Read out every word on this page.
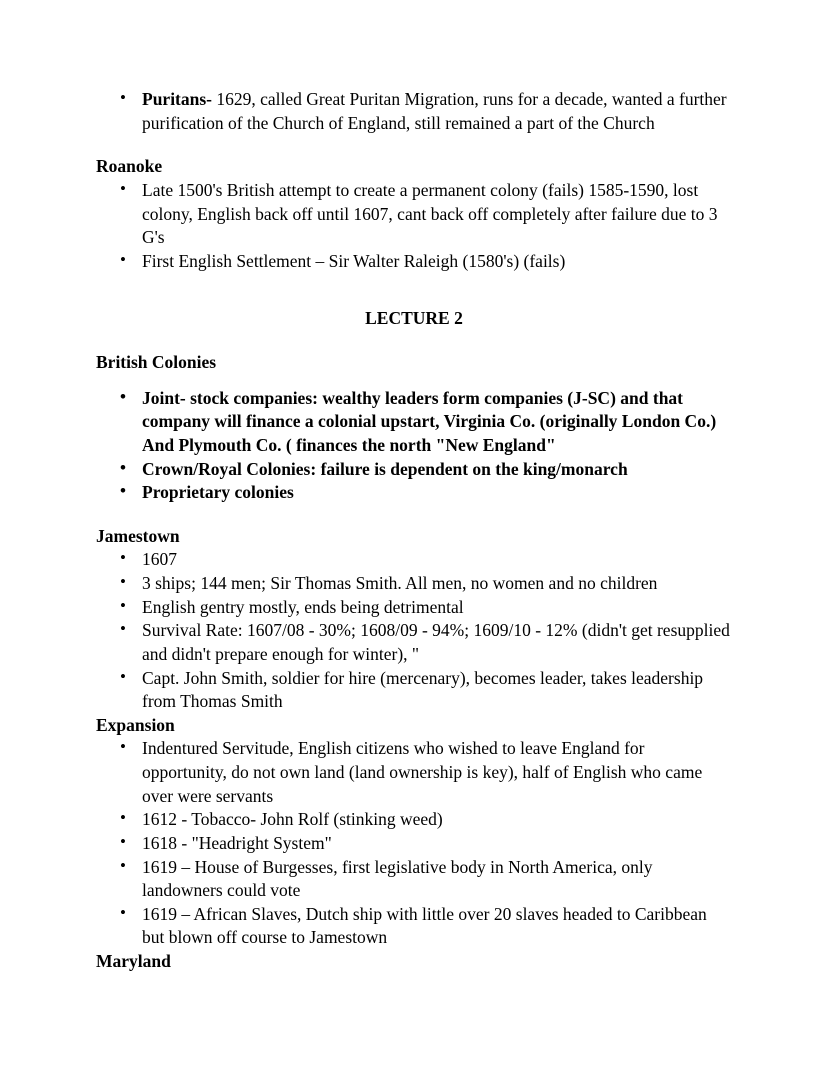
• Puritans- 1629, called Great Puritan Migration, runs for a decade, wanted a further purification of the Church of England, still remained a part of the Church
Roanoke
• Late 1500's British attempt to create a permanent colony (fails) 1585-1590, lost colony, English back off until 1607, cant back off completely after failure due to 3 G's
• First English Settlement – Sir Walter Raleigh (1580's) (fails)
LECTURE 2
British Colonies
• Joint- stock companies: wealthy leaders form companies (J-SC) and that company will finance a colonial upstart, Virginia Co. (originally London Co.) And Plymouth Co. ( finances the north "New England"
• Crown/Royal Colonies: failure is dependent on the king/monarch
• Proprietary colonies
Jamestown
• 1607
• 3 ships; 144 men; Sir Thomas Smith. All men, no women and no children
• English gentry mostly, ends being detrimental
• Survival Rate: 1607/08 - 30%; 1608/09 - 94%; 1609/10 - 12% (didn't get resupplied and didn't prepare enough for winter), "
• Capt. John Smith, soldier for hire (mercenary), becomes leader, takes leadership from Thomas Smith
Expansion
• Indentured Servitude, English citizens who wished to leave England for opportunity, do not own land (land ownership is key), half of English who came over were servants
• 1612 - Tobacco- John Rolf (stinking weed)
• 1618 - "Headright System"
• 1619 – House of Burgesses, first legislative body in North America, only landowners could vote
• 1619 – African Slaves, Dutch ship with little over 20 slaves headed to Caribbean but blown off course to Jamestown
Maryland
